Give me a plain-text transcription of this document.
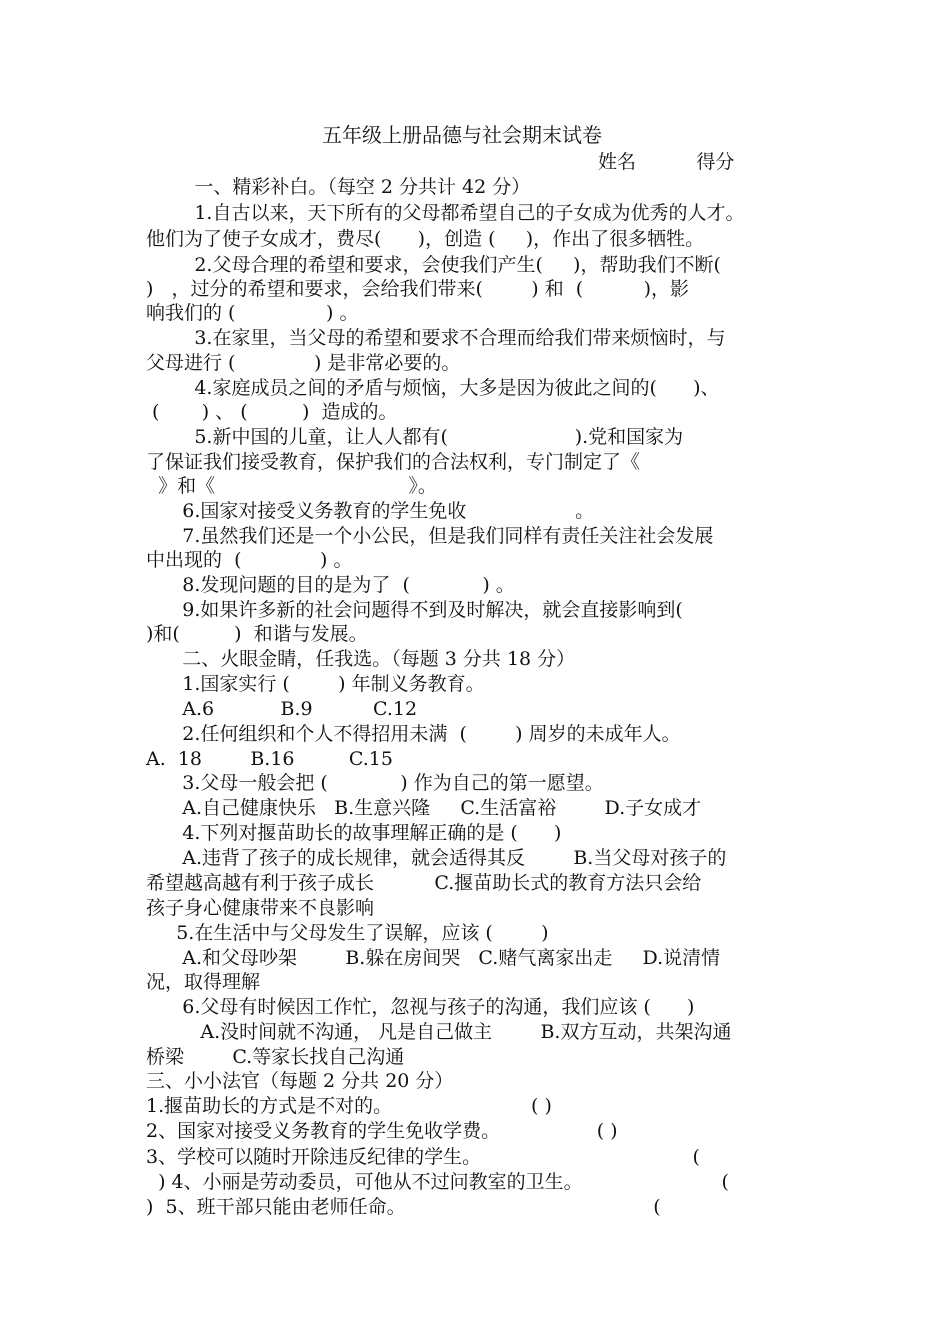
五年级上册品德与社会期末试卷
姓名          得分
一、精彩补白。（每空 2 分共计 42 分）
1.自古以来，天下所有的父母都希望自己的子女成为优秀的人才。
他们为了使子女成才，费尽(      )，创造 (     )，作出了很多牺牲。
2.父母合理的希望和要求，会使我们产生(     )，帮助我们不断(
)   ，过分的希望和要求，会给我们带来(        ) 和  (          )，影
响我们的 (               ) 。
3.在家里，当父母的希望和要求不合理而给我们带来烦恼时，与
父母进行 (             ) 是非常必要的。
4.家庭成员之间的矛盾与烦恼，大多是因为彼此之间的(      )、
(       ) 、 (         )  造成的。
5.新中国的儿童，让人人都有(                     ).党和国家为
了保证我们接受教育，保护我们的合法权利，专门制定了《
》和《                                》。
6.国家对接受义务教育的学生免收                  。
7.虽然我们还是一个小公民，但是我们同样有责任关注社会发展
中出现的  (             ) 。
8.发现问题的目的是为了  (            ) 。
9.如果许多新的社会问题得不到及时解决，就会直接影响到(
)和(         )  和谐与发展。
二、火眼金睛，任我选。（每题 3 分共 18 分）
1.国家实行 (        ) 年制义务教育。
A.6           B.9          C.12
2.任何组织和个人不得招用未满  (        ) 周岁的未成年人。
A.  18        B.16         C.15
3.父母一般会把 (            ) 作为自己的第一愿望。
A.自己健康快乐   B.生意兴隆     C.生活富裕        D.子女成才
4.下列对揠苗助长的故事理解正确的是 (      )
A.违背了孩子的成长规律，就会适得其反        B.当父母对孩子的
希望越高越有利于孩子成长          C.揠苗助长式的教育方法只会给
孩子身心健康带来不良影响
5.在生活中与父母发生了误解，应该 (        )
A.和父母吵架        B.躲在房间哭   C.赌气离家出走     D.说清情
况，取得理解
6.父母有时候因工作忙，忽视与孩子的沟通，我们应该 (      )
A.没时间就不沟通， 凡是自己做主        B.双方互动，共架沟通
桥梁        C.等家长找自己沟通
三、小小法官（每题 2 分共 20 分）
1.揠苗助长的方式是不对的。                       ( )
2、国家对接受义务教育的学生免收学费。                ( )
3、学校可以随时开除违反纪律的学生。                                   (
) 4、小丽是劳动委员，可他从不过问教室的卫生。                       (
)  5、班干部只能由老师任命。                                         (
